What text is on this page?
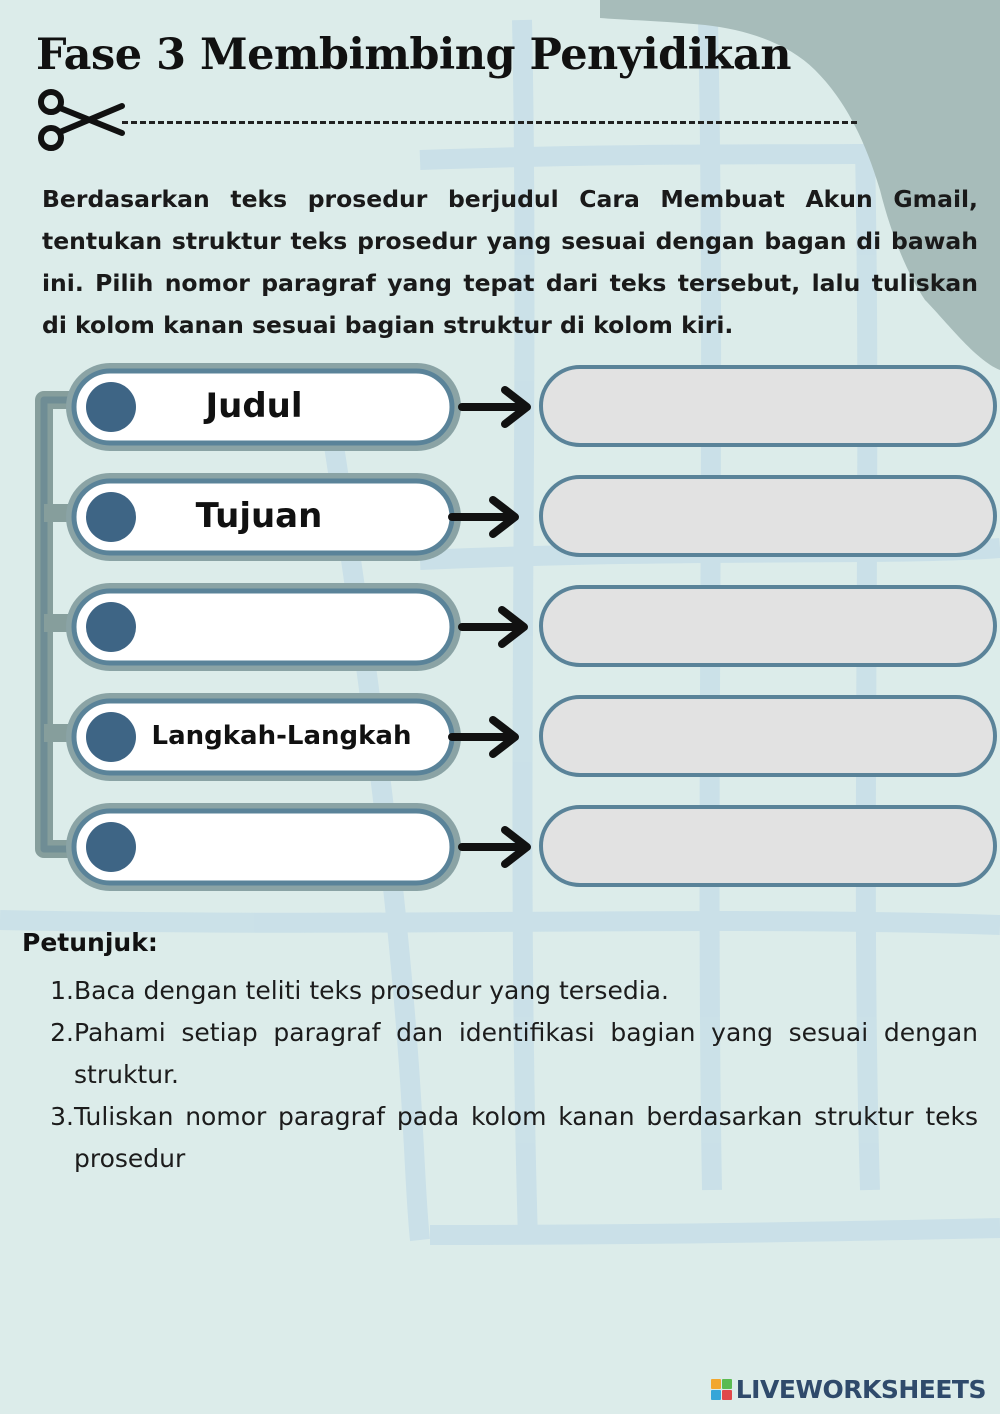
Fase 3 Membimbing Penyidikan

Berdasarkan teks prosedur berjudul Cara Membuat Akun Gmail, tentukan struktur teks prosedur yang sesuai dengan bagan di bawah ini. Pilih nomor paragraf yang tepat dari teks tersebut, lalu tuliskan di kolom kanan sesuai bagian struktur di kolom kiri.

Judul
Tujuan
Langkah-Langkah
Petunjuk:
1. Baca dengan teliti teks prosedur yang tersedia.
2. Pahami setiap paragraf dan identifikasi bagian yang sesuai dengan struktur.
3. Tuliskan nomor paragraf pada kolom kanan berdasarkan struktur teks prosedur
LIVEWORKSHEETS
